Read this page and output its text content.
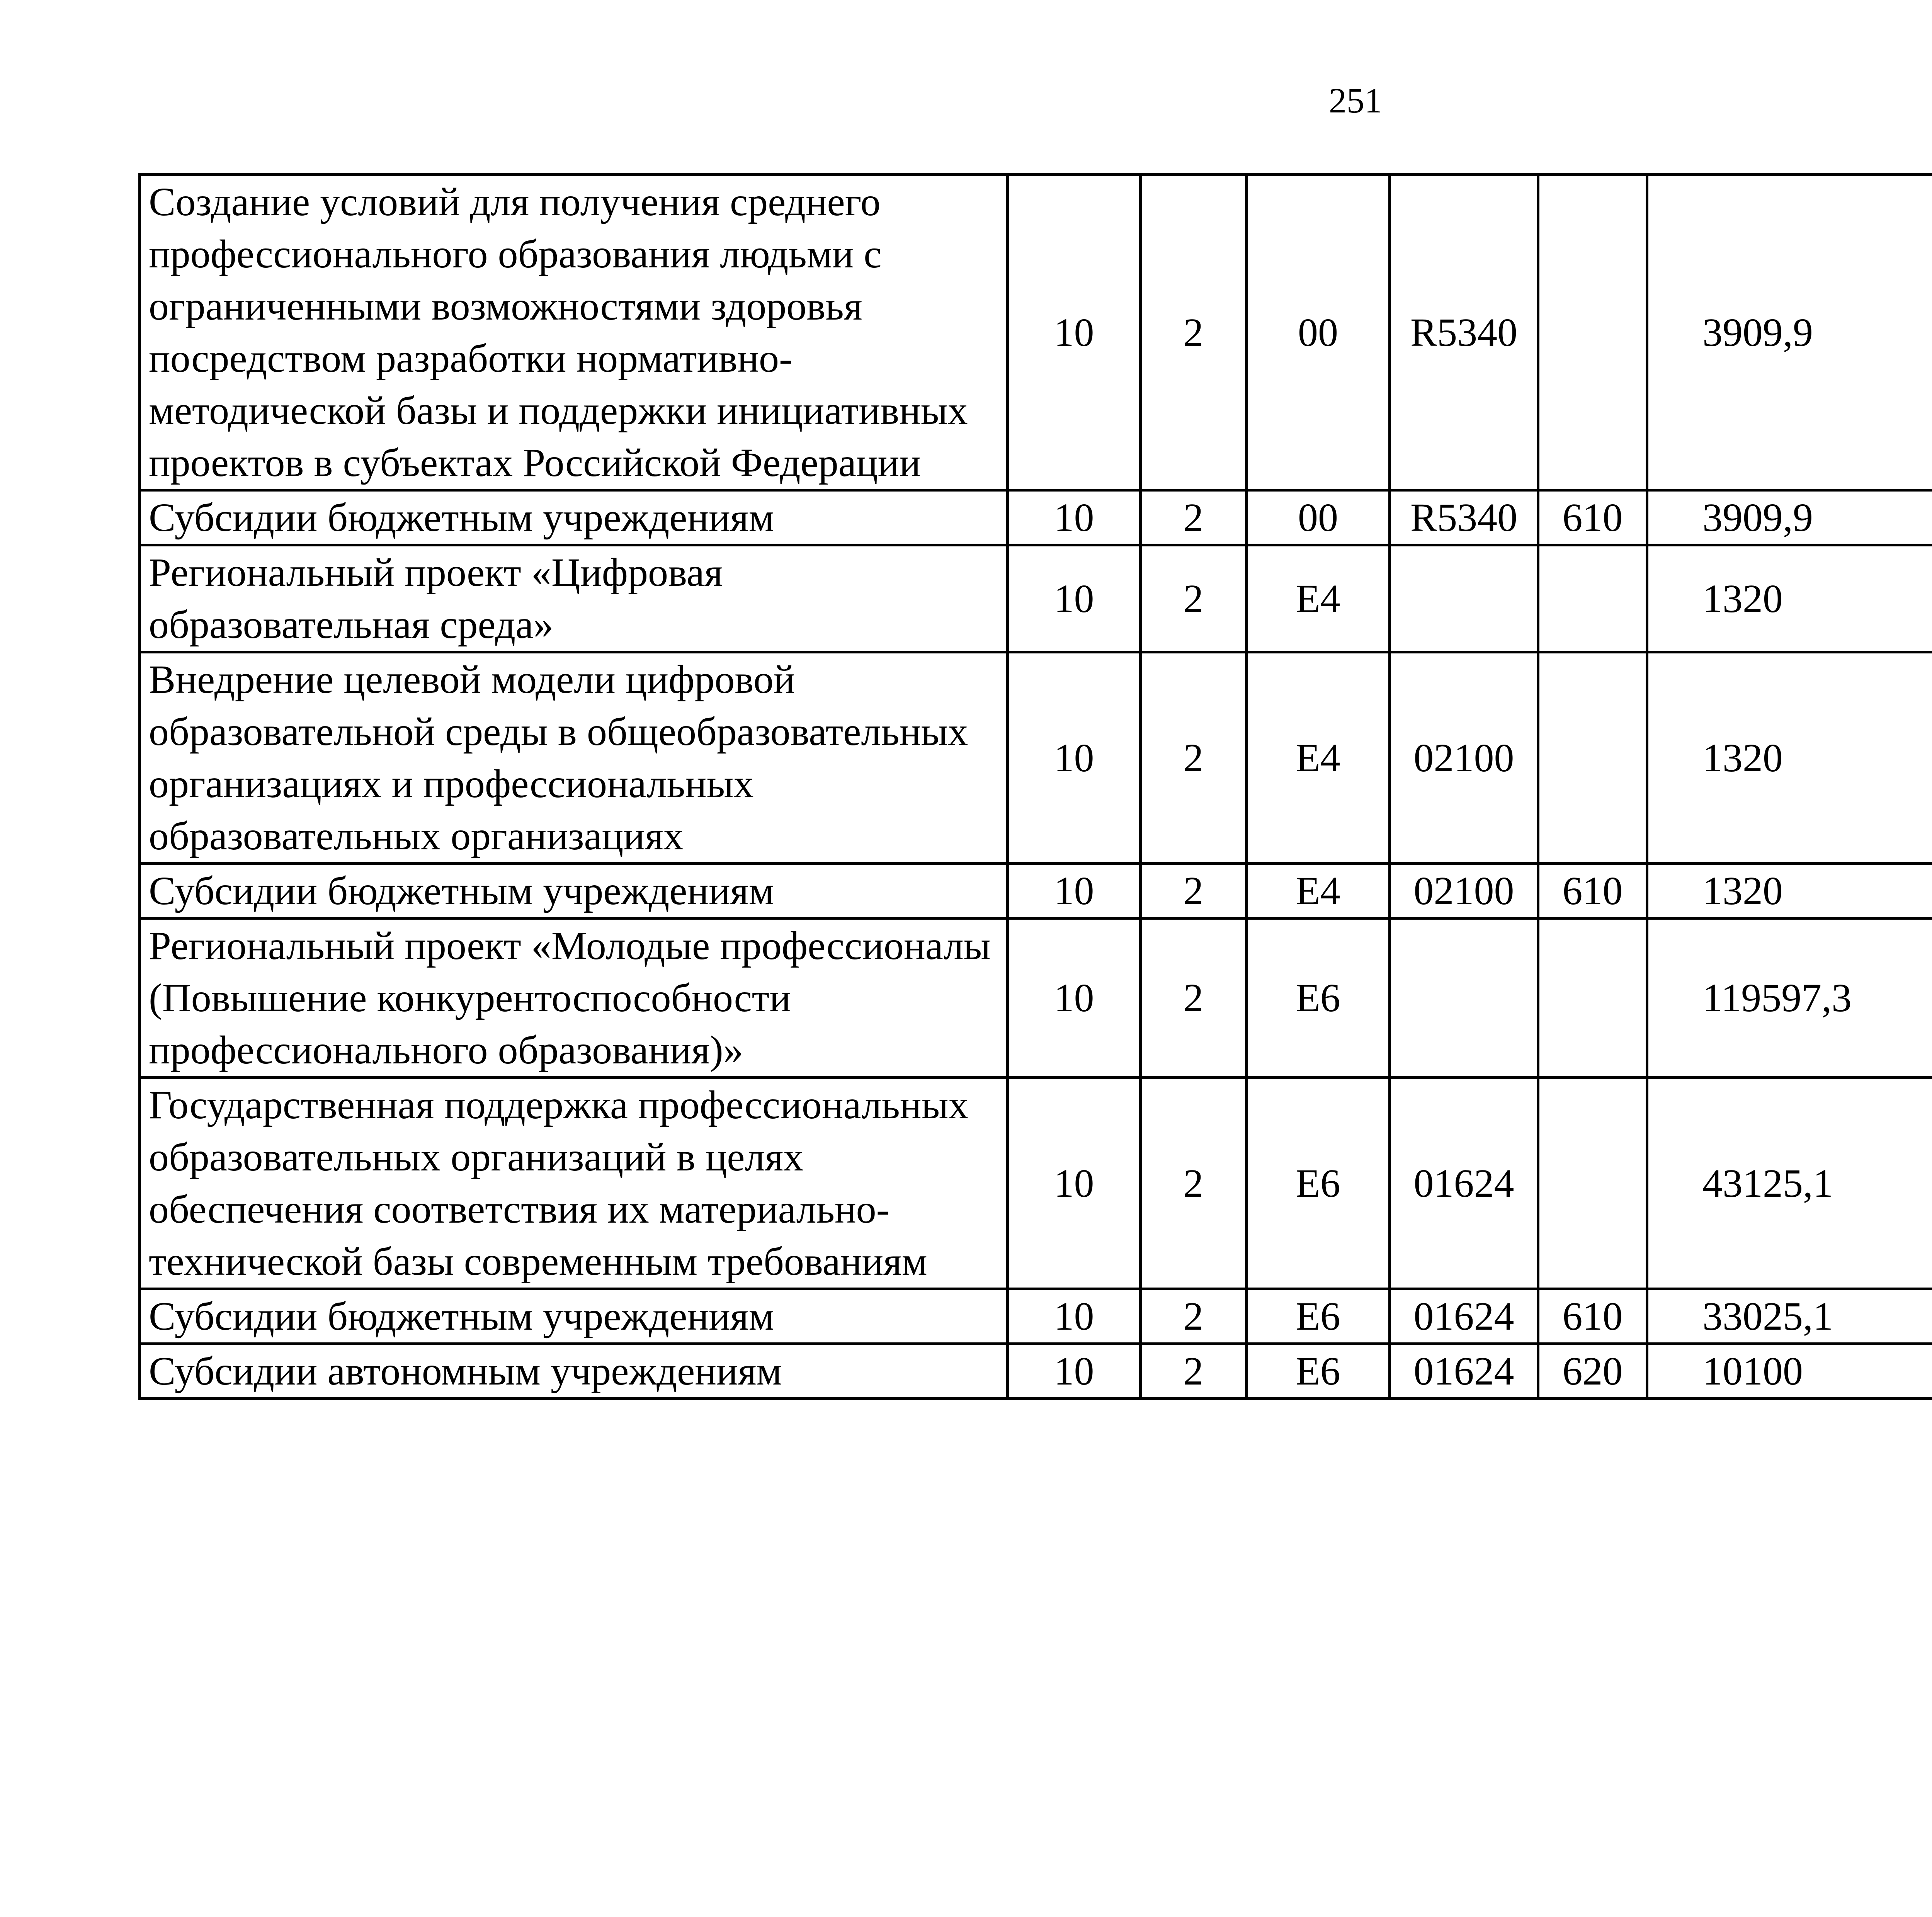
251
Создание условий для получения среднего профессионального образования людьми с ограниченными возможностями здоровья посредством разработки нормативно-методической базы и поддержки инициативных проектов в субъектах Российской Федерации	10	2	00	R5340		3909,9		
Субсидии бюджетным учреждениям	10	2	00	R5340	610	3909,9		
Региональный проект «Цифровая образовательная среда»	10	2	E4			1320		
Внедрение целевой модели цифровой образовательной среды в общеобразовательных организациях и профессиональных образовательных организациях	10	2	E4	02100		1320		
Субсидии бюджетным учреждениям	10	2	E4	02100	610	1320		
Региональный проект «Молодые профессионалы (Повышение конкурентоспособности профессионального образования)»	10	2	E6			119597,3		
Государственная поддержка профессиональных образовательных организаций в целях обеспечения соответствия их материально-технической базы современным требованиям	10	2	E6	01624		43125,1		
Субсидии бюджетным учреждениям	10	2	E6	01624	610	33025,1		
Субсидии автономным учреждениям	10	2	E6	01624	620	10100		
